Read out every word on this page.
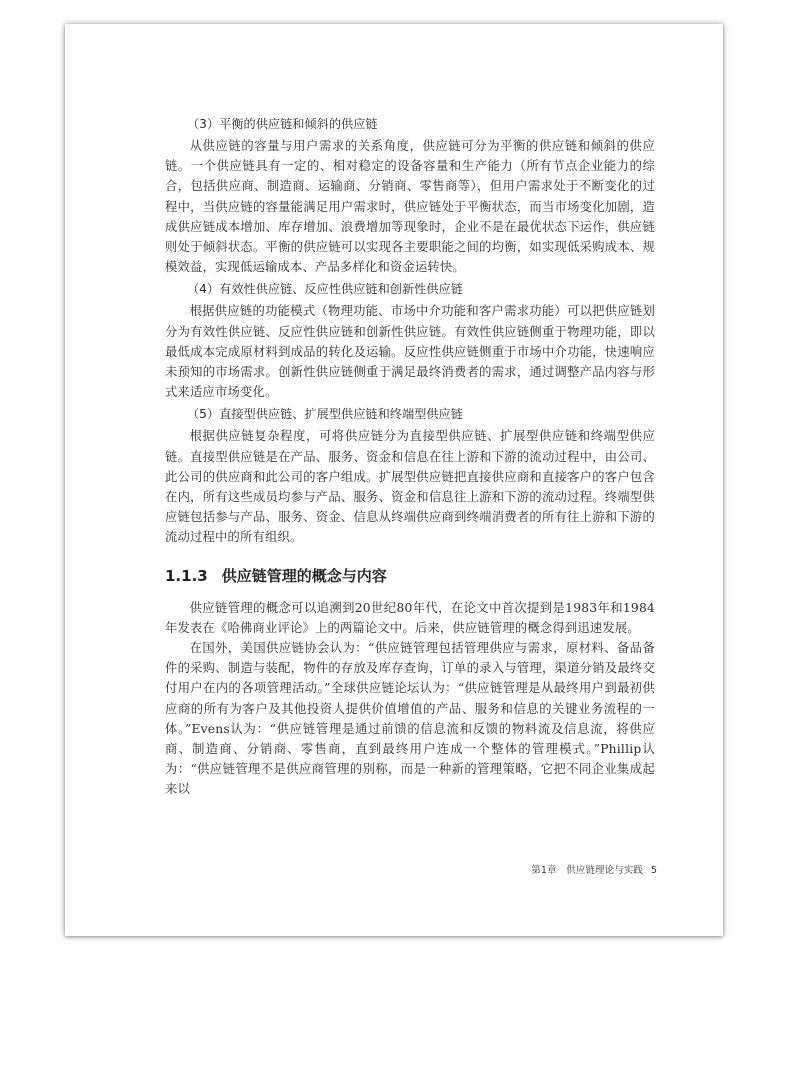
（3）平衡的供应链和倾斜的供应链

从供应链的容量与用户需求的关系角度，供应链可分为平衡的供应链和倾斜的供应链。一个供应链具有一定的、相对稳定的设备容量和生产能力（所有节点企业能力的综合，包括供应商、制造商、运输商、分销商、零售商等），但用户需求处于不断变化的过程中，当供应链的容量能满足用户需求时，供应链处于平衡状态，而当市场变化加剧，造成供应链成本增加、库存增加、浪费增加等现象时，企业不是在最优状态下运作，供应链则处于倾斜状态。平衡的供应链可以实现各主要职能之间的均衡，如实现低采购成本、规模效益，实现低运输成本、产品多样化和资金运转快。

（4）有效性供应链、反应性供应链和创新性供应链

根据供应链的功能模式（物理功能、市场中介功能和客户需求功能）可以把供应链划分为有效性供应链、反应性供应链和创新性供应链。有效性供应链侧重于物理功能，即以最低成本完成原材料到成品的转化及运输。反应性供应链侧重于市场中介功能，快速响应未预知的市场需求。创新性供应链侧重于满足最终消费者的需求，通过调整产品内容与形式来适应市场变化。

（5）直接型供应链、扩展型供应链和终端型供应链

根据供应链复杂程度，可将供应链分为直接型供应链、扩展型供应链和终端型供应链。直接型供应链是在产品、服务、资金和信息在往上游和下游的流动过程中，由公司、此公司的供应商和此公司的客户组成。扩展型供应链把直接供应商和直接客户的客户包含在内，所有这些成员均参与产品、服务、资金和信息往上游和下游的流动过程。终端型供应链包括参与产品、服务、资金、信息从终端供应商到终端消费者的所有往上游和下游的流动过程中的所有组织。

1.1.3 供应链管理的概念与内容

供应链管理的概念可以追溯到20世纪80年代，在论文中首次提到是1983年和1984年发表在《哈佛商业评论》上的两篇论文中。后来，供应链管理的概念得到迅速发展。

在国外，美国供应链协会认为：“供应链管理包括管理供应与需求，原材料、备品备件的采购、制造与装配，物件的存放及库存查询，订单的录入与管理，渠道分销及最终交付用户在内的各项管理活动。”全球供应链论坛认为：“供应链管理是从最终用户到最初供应商的所有为客户及其他投资人提供价值增值的产品、服务和信息的关键业务流程的一体。”Evens认为：“供应链管理是通过前馈的信息流和反馈的物料流及信息流，将供应商、制造商、分销商、零售商，直到最终用户连成一个整体的管理模式。”Phillip认为：“供应链管理不是供应商管理的别称，而是一种新的管理策略，它把不同企业集成起来以

第1章　供应链理论与实践 5
